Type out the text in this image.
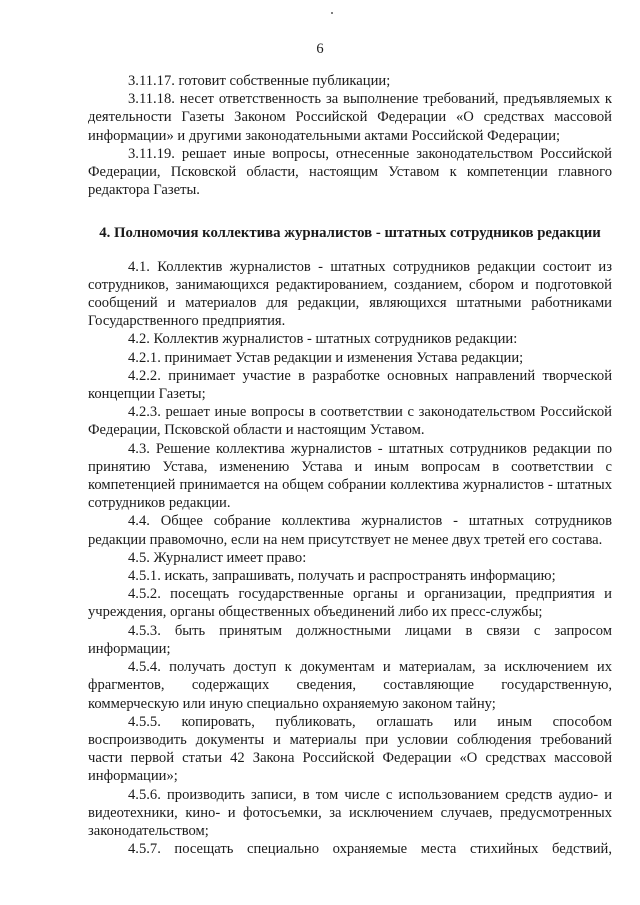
6

3.11.17. готовит собственные публикации;

3.11.18. несет ответственность за выполнение требований, предъявляемых к деятельности Газеты Законом Российской Федерации «О средствах массовой информации» и другими законодательными актами Российской Федерации;

3.11.19. решает иные вопросы, отнесенные законодательством Российской Федерации, Псковской области, настоящим Уставом к компетенции главного редактора Газеты.

4. Полномочия коллектива журналистов - штатных сотрудников редакции

4.1. Коллектив журналистов - штатных сотрудников редакции состоит из сотрудников, занимающихся редактированием, созданием, сбором и подготовкой сообщений и материалов для редакции, являющихся штатными работниками Государственного предприятия.

4.2. Коллектив журналистов - штатных сотрудников редакции:

4.2.1. принимает Устав редакции и изменения Устава редакции;

4.2.2. принимает участие в разработке основных направлений творческой концепции Газеты;

4.2.3. решает иные вопросы в соответствии с законодательством Российской Федерации, Псковской области и настоящим Уставом.

4.3. Решение коллектива журналистов - штатных сотрудников редакции по принятию Устава, изменению Устава и иным вопросам в соответствии с компетенцией принимается на общем собрании коллектива журналистов - штатных сотрудников редакции.

4.4. Общее собрание коллектива журналистов - штатных сотрудников редакции правомочно, если на нем присутствует не менее двух третей его состава.

4.5. Журналист имеет право:

4.5.1. искать, запрашивать, получать и распространять информацию;

4.5.2. посещать государственные органы и организации, предприятия и учреждения, органы общественных объединений либо их пресс-службы;

4.5.3. быть принятым должностными лицами в связи с запросом информации;

4.5.4. получать доступ к документам и материалам, за исключением их фрагментов, содержащих сведения, составляющие государственную, коммерческую или иную специально охраняемую законом тайну;

4.5.5. копировать, публиковать, оглашать или иным способом воспроизводить документы и материалы при условии соблюдения требований части первой статьи 42 Закона Российской Федерации «О средствах массовой информации»;

4.5.6. производить записи, в том числе с использованием средств аудио- и видеотехники, кино- и фотосъемки, за исключением случаев, предусмотренных законодательством;

4.5.7. посещать специально охраняемые места стихийных бедствий,
